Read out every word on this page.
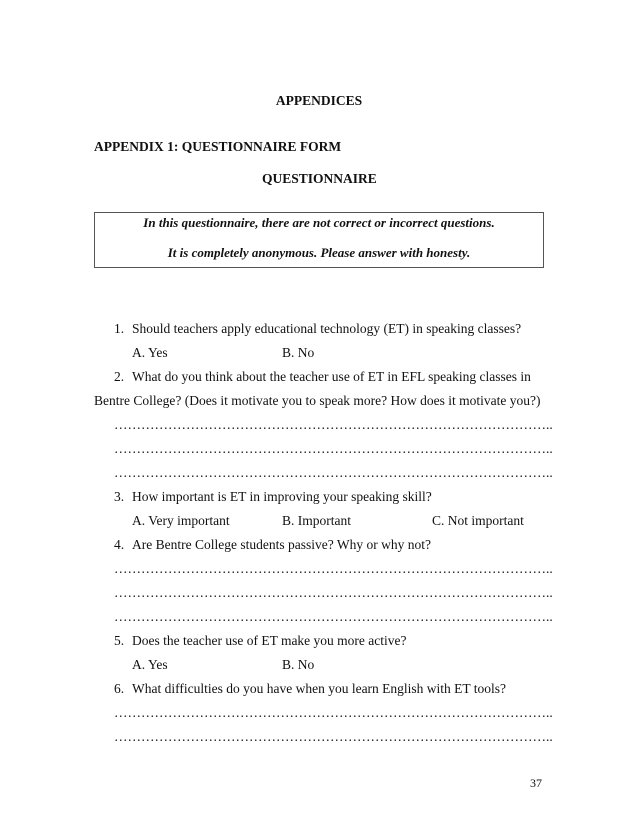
APPENDICES
APPENDIX 1: QUESTIONNAIRE FORM
QUESTIONNAIRE
In this questionnaire, there are not correct or incorrect questions.
It is completely anonymous. Please answer with honesty.
1. Should teachers apply educational technology (ET) in speaking classes?
A. Yes	B. No
2. What do you think about the teacher use of ET in EFL speaking classes in
Bentre College? (Does it motivate you to speak more? How does it motivate you?)
……………………………………………………………………………………..
……………………………………………………………………………………..
……………………………………………………………………………………..
3. How important is ET in improving your speaking skill?
A. Very important	B. Important	C. Not important
4. Are Bentre College students passive? Why or why not?
……………………………………………………………………………………..
……………………………………………………………………………………..
……………………………………………………………………………………..
5. Does the teacher use of ET make you more active?
A. Yes	B. No
6. What difficulties do you have when you learn English with ET tools?
……………………………………………………………………………………..
……………………………………………………………………………………..
37
